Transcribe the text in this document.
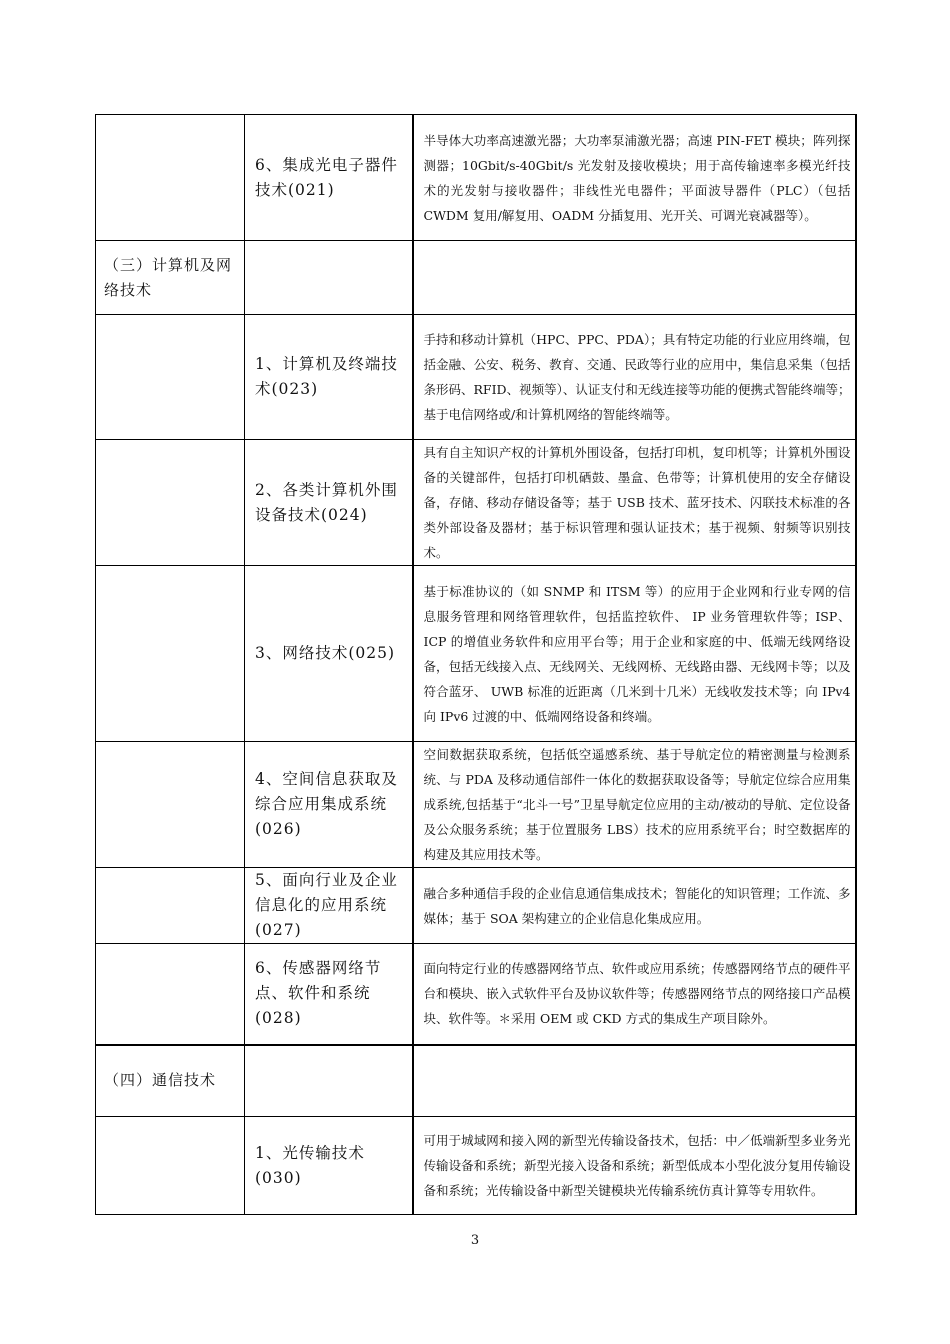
	6、集成光电子器件技术(021)	半导体大功率高速激光器；大功率泵浦激光器；高速 PIN-FET 模块；阵列探测器；10Gbit/s-40Gbit/s 光发射及接收模块；用于高传输速率多模光纤技术的光发射与接收器件；非线性光电器件；平面波导器件（PLC）（包括 CWDM 复用/解复用、OADM 分插复用、光开关、可调光衰减器等）。
（三）计算机及网络技术		
	1、计算机及终端技术(023)	手持和移动计算机（HPC、PPC、PDA）；具有特定功能的行业应用终端，包括金融、公安、税务、教育、交通、民政等行业的应用中，集信息采集（包括条形码、RFID、视频等）、认证支付和无线连接等功能的便携式智能终端等；基于电信网络或/和计算机网络的智能终端等。
	2、各类计算机外围设备技术(024)	具有自主知识产权的计算机外围设备，包括打印机，复印机等；计算机外围设备的关键部件，包括打印机硒鼓、墨盒、色带等；计算机使用的安全存储设备，存储、移动存储设备等；基于 USB 技术、蓝牙技术、闪联技术标准的各类外部设备及器材；基于标识管理和强认证技术；基于视频、射频等识别技术。
	3、网络技术(025)	基于标准协议的（如 SNMP 和 ITSM 等）的应用于企业网和行业专网的信息服务管理和网络管理软件，包括监控软件、 IP 业务管理软件等；ISP、ICP 的增值业务软件和应用平台等；用于企业和家庭的中、低端无线网络设备，包括无线接入点、无线网关、无线网桥、无线路由器、无线网卡等；以及符合蓝牙、 UWB 标准的近距离（几米到十几米）无线收发技术等；向 IPv4 向 IPv6 过渡的中、低端网络设备和终端。
	4、空间信息获取及综合应用集成系统(026)	空间数据获取系统，包括低空遥感系统、基于导航定位的精密测量与检测系统、与 PDA 及移动通信部件一体化的数据获取设备等；导航定位综合应用集成系统,包括基于“北斗一号”卫星导航定位应用的主动/被动的导航、定位设备及公众服务系统；基于位置服务 LBS）技术的应用系统平台；时空数据库的构建及其应用技术等。
	5、面向行业及企业信息化的应用系统(027)	融合多种通信手段的企业信息通信集成技术；智能化的知识管理；工作流、多媒体；基于 SOA 架构建立的企业信息化集成应用。
	6、传感器网络节点、软件和系统 (028)	面向特定行业的传感器网络节点、软件或应用系统；传感器网络节点的硬件平台和模块、嵌入式软件平台及协议软件等；传感器网络节点的网络接口产品模块、软件等。＊采用 OEM 或 CKD 方式的集成生产项目除外。
（四）通信技术		
	1、光传输技术(030)	可用于城域网和接入网的新型光传输设备技术，包括：中／低端新型多业务光传输设备和系统；新型光接入设备和系统；新型低成本小型化波分复用传输设备和系统；光传输设备中新型关键模块光传输系统仿真计算等专用软件。
3
